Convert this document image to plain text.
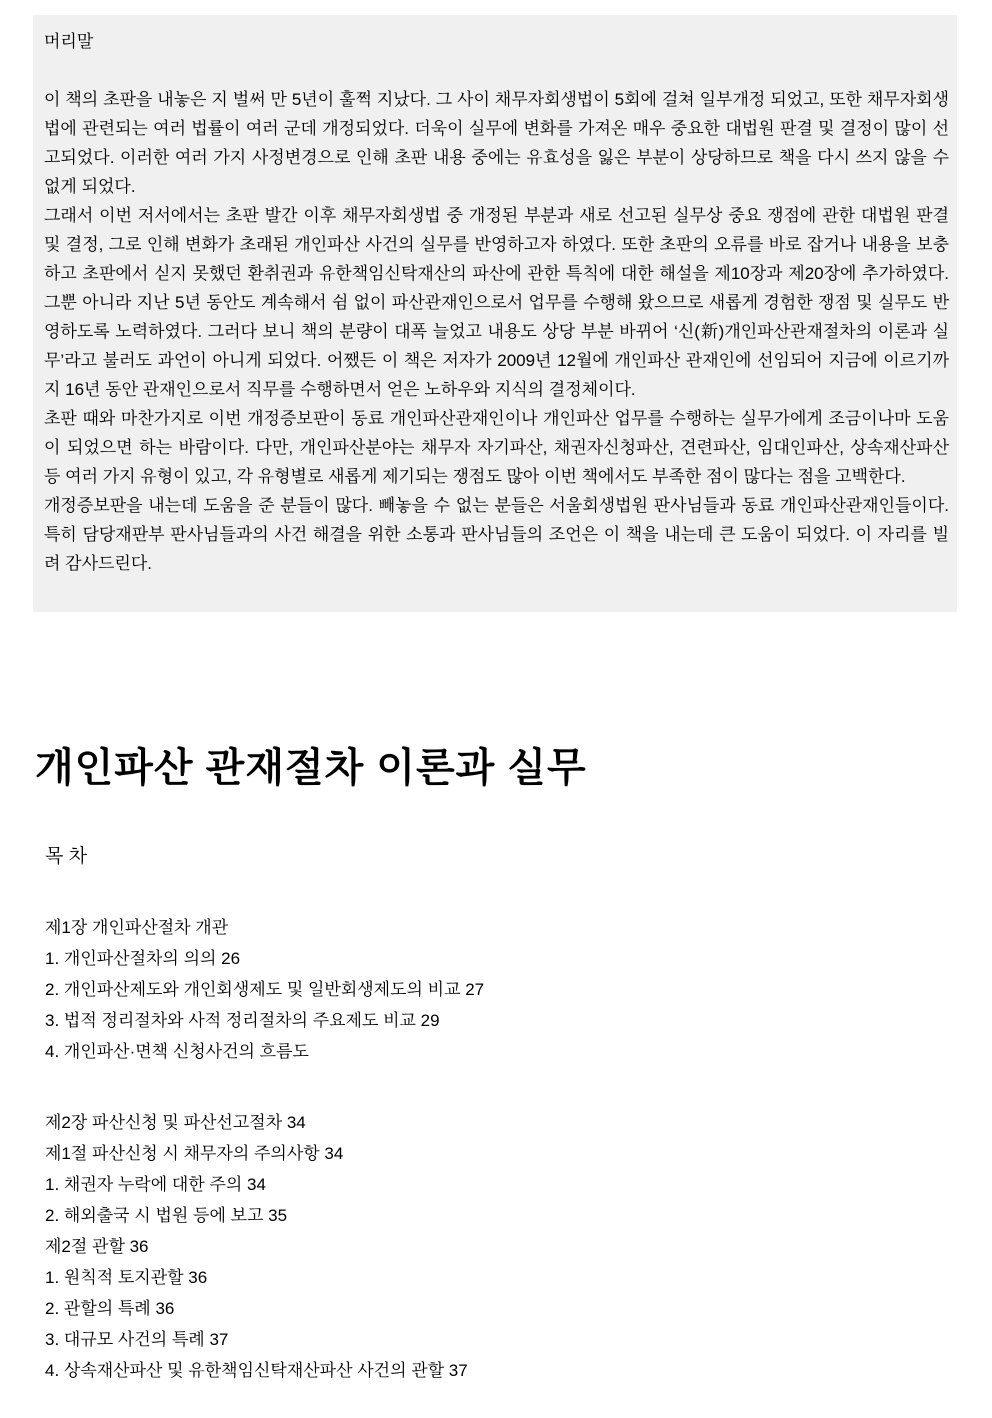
머리말

이 책의 초판을 내놓은 지 벌써 만 5년이 훌쩍 지났다. 그 사이 채무자회생법이 5회에 걸쳐 일부개정 되었고, 또한 채무자회생법에 관련되는 여러 법률이 여러 군데 개정되었다. 더욱이 실무에 변화를 가져온 매우 중요한 대법원 판결 및 결정이 많이 선고되었다. 이러한 여러 가지 사정변경으로 인해 초판 내용 중에는 유효성을 잃은 부분이 상당하므로 책을 다시 쓰지 않을 수 없게 되었다.

그래서 이번 저서에서는 초판 발간 이후 채무자회생법 중 개정된 부분과 새로 선고된 실무상 중요 쟁점에 관한 대법원 판결 및 결정, 그로 인해 변화가 초래된 개인파산 사건의 실무를 반영하고자 하였다. 또한 초판의 오류를 바로 잡거나 내용을 보충하고 초판에서 싣지 못했던 환취권과 유한책임신탁재산의 파산에 관한 특칙에 대한 해설을 제10장과 제20장에 추가하였다. 그뿐 아니라 지난 5년 동안도 계속해서 쉼 없이 파산관재인으로서 업무를 수행해 왔으므로 새롭게 경험한 쟁점 및 실무도 반영하도록 노력하였다. 그러다 보니 책의 분량이 대폭 늘었고 내용도 상당 부분 바뀌어 ‘신(新)개인파산관재절차의 이론과 실무’라고 불러도 과언이 아니게 되었다. 어쨌든 이 책은 저자가 2009년 12월에 개인파산 관재인에 선임되어 지금에 이르기까지 16년 동안 관재인으로서 직무를 수행하면서 얻은 노하우와 지식의 결정체이다.

초판 때와 마찬가지로 이번 개정증보판이 동료 개인파산관재인이나 개인파산 업무를 수행하는 실무가에게 조금이나마 도움이 되었으면 하는 바람이다. 다만, 개인파산분야는 채무자 자기파산, 채권자신청파산, 견련파산, 임대인파산, 상속재산파산 등 여러 가지 유형이 있고, 각 유형별로 새롭게 제기되는 쟁점도 많아 이번 책에서도 부족한 점이 많다는 점을 고백한다.

개정증보판을 내는데 도움을 준 분들이 많다. 빼놓을 수 없는 분들은 서울회생법원 판사님들과 동료 개인파산관재인들이다. 특히 담당재판부 판사님들과의 사건 해결을 위한 소통과 판사님들의 조언은 이 책을 내는데 큰 도움이 되었다. 이 자리를 빌려 감사드린다.

개인파산 관재절차 이론과 실무
목 차
제1장 개인파산절차 개관
1. 개인파산절차의 의의 26
2. 개인파산제도와 개인회생제도 및 일반회생제도의 비교 27
3. 법적 정리절차와 사적 정리절차의 주요제도 비교 29
4. 개인파산·면책 신청사건의 흐름도
제2장 파산신청 및 파산선고절차 34
제1절 파산신청 시 채무자의 주의사항 34
1. 채권자 누락에 대한 주의 34
2. 해외출국 시 법원 등에 보고 35
제2절 관할 36
1. 원칙적 토지관할 36
2. 관할의 특례 36
3. 대규모 사건의 특례 37
4. 상속재산파산 및 유한책임신탁재산파산 사건의 관할 37
